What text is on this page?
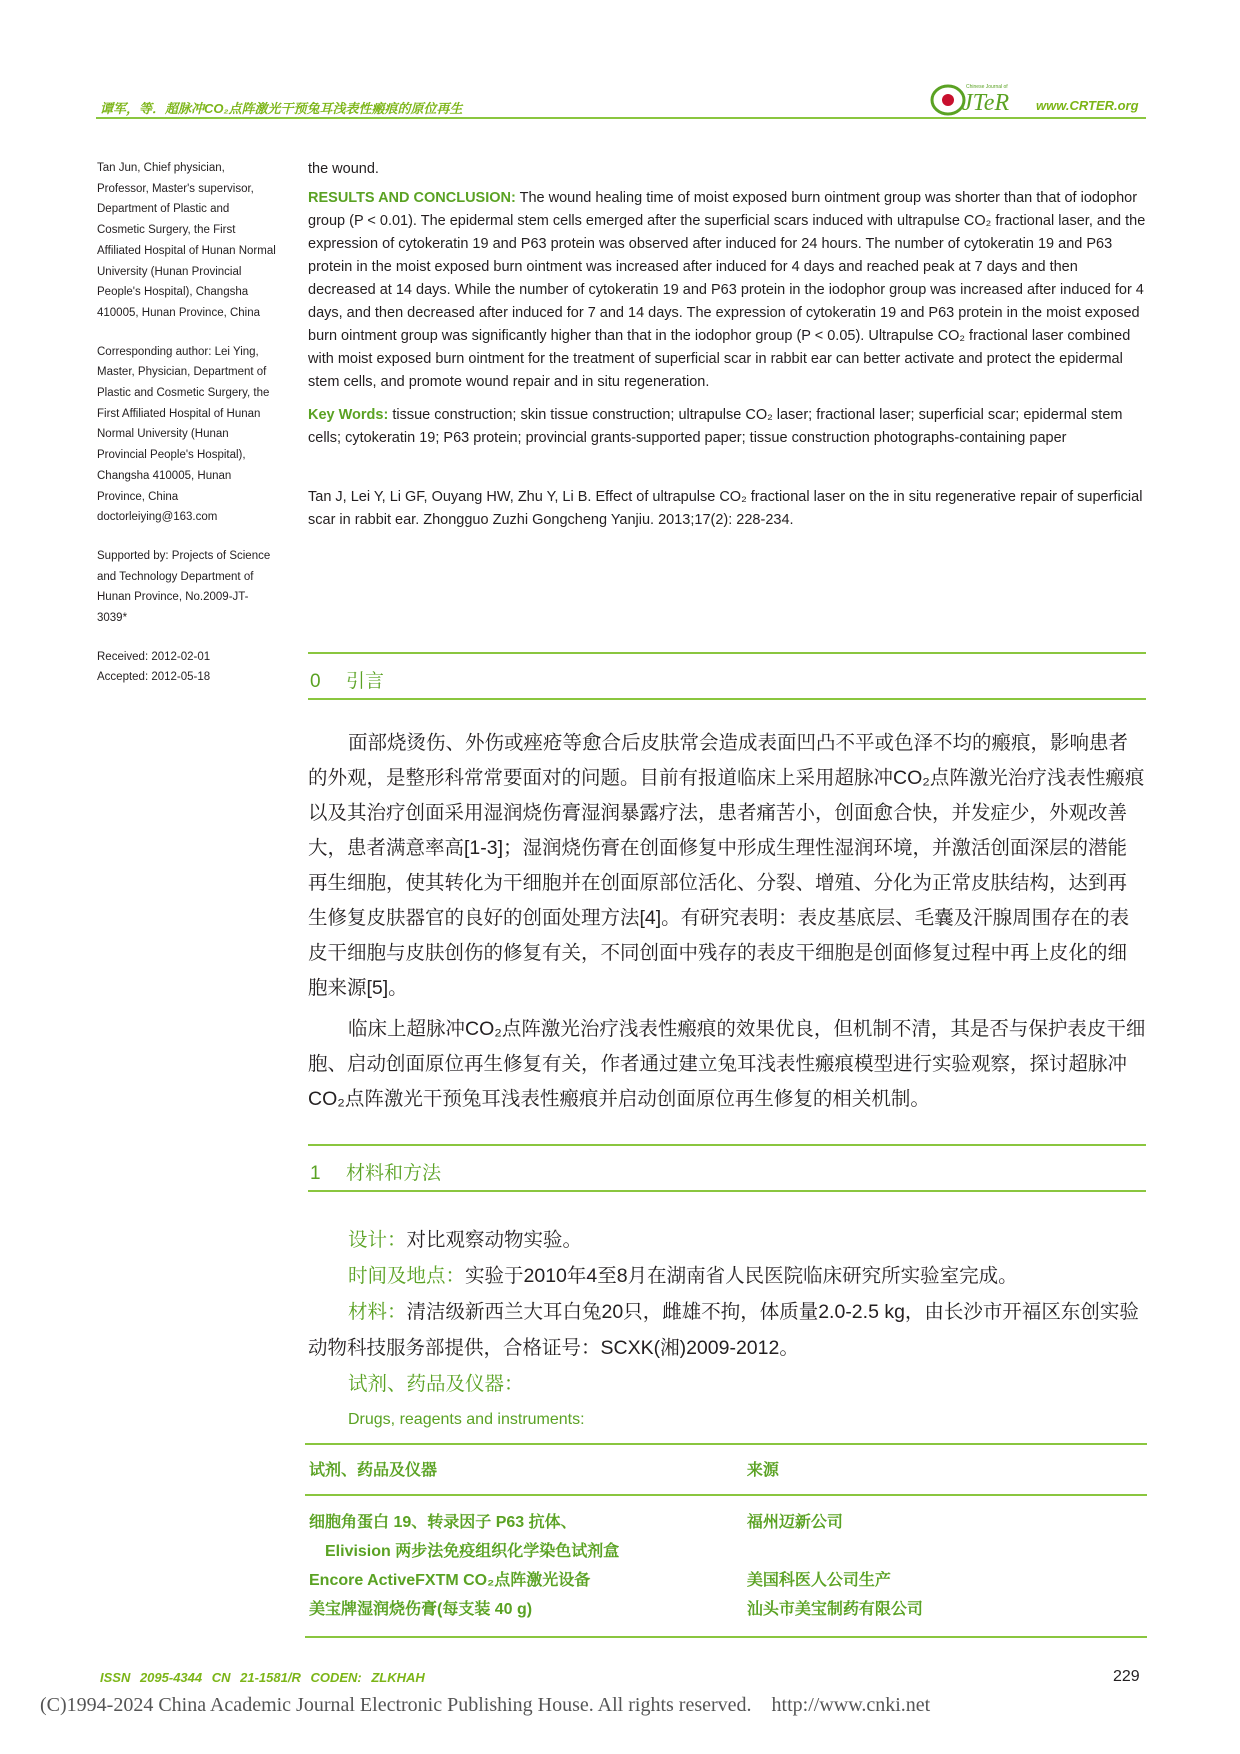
谭军，等．超脉冲CO₂点阵激光干预兔耳浅表性瘢痕的原位再生	JTeR
Chinese Journal of
www.CRTER.org

Tan Jun, Chief physician, Professor, Master's supervisor, Department of Plastic and Cosmetic Surgery, the First Affiliated Hospital of Hunan Normal University (Hunan Provincial People's Hospital), Changsha 410005, Hunan Province, China

Corresponding author: Lei Ying, Master, Physician, Department of Plastic and Cosmetic Surgery, the First Affiliated Hospital of Hunan Normal University (Hunan Provincial People's Hospital), Changsha 410005, Hunan Province, China doctorleiying@163.com

Supported by: Projects of Science and Technology Department of Hunan Province, No.2009-JT-3039*

Received: 2012-02-01

Accepted: 2012-05-18

the wound.

RESULTS AND CONCLUSION: The wound healing time of moist exposed burn ointment group was shorter than that of iodophor group (P < 0.01). The epidermal stem cells emerged after the superficial scars induced with ultrapulse CO₂ fractional laser, and the expression of cytokeratin 19 and P63 protein was observed after induced for 24 hours. The number of cytokeratin 19 and P63 protein in the moist exposed burn ointment was increased after induced for 4 days and reached peak at 7 days and then decreased at 14 days. While the number of cytokeratin 19 and P63 protein in the iodophor group was increased after induced for 4 days, and then decreased after induced for 7 and 14 days. The expression of cytokeratin 19 and P63 protein in the moist exposed burn ointment group was significantly higher than that in the iodophor group (P < 0.05). Ultrapulse CO₂ fractional laser combined with moist exposed burn ointment for the treatment of superficial scar in rabbit ear can better activate and protect the epidermal stem cells, and promote wound repair and in situ regeneration.

Key Words: tissue construction; skin tissue construction; ultrapulse CO₂ laser; fractional laser; superficial scar; epidermal stem cells; cytokeratin 19; P63 protein; provincial grants-supported paper; tissue construction photographs-containing paper

Tan J, Lei Y, Li GF, Ouyang HW, Zhu Y, Li B. Effect of ultrapulse CO₂ fractional laser on the in situ regenerative repair of superficial scar in rabbit ear. Zhongguo Zuzhi Gongcheng Yanjiu. 2013;17(2): 228-234.

0 引言

面部烧烫伤、外伤或痤疮等愈合后皮肤常会造成表面凹凸不平或色泽不均的瘢痕，影响患者的外观，是整形科常常要面对的问题。目前有报道临床上采用超脉冲CO₂点阵激光治疗浅表性瘢痕以及其治疗创面采用湿润烧伤膏湿润暴露疗法，患者痛苦小，创面愈合快，并发症少，外观改善大，患者满意率高[1-3]；湿润烧伤膏在创面修复中形成生理性湿润环境，并激活创面深层的潜能再生细胞，使其转化为干细胞并在创面原部位活化、分裂、增殖、分化为正常皮肤结构，达到再生修复皮肤器官的良好的创面处理方法[4]。有研究表明：表皮基底层、毛囊及汗腺周围存在的表皮干细胞与皮肤创伤的修复有关，不同创面中残存的表皮干细胞是创面修复过程中再上皮化的细胞来源[5]。

临床上超脉冲CO₂点阵激光治疗浅表性瘢痕的效果优良，但机制不清，其是否与保护表皮干细胞、启动创面原位再生修复有关，作者通过建立兔耳浅表性瘢痕模型进行实验观察，探讨超脉冲CO₂点阵激光干预兔耳浅表性瘢痕并启动创面原位再生修复的相关机制。

1 材料和方法

设计：对比观察动物实验。

时间及地点：实验于2010年4至8月在湖南省人民医院临床研究所实验室完成。

材料：清洁级新西兰大耳白兔20只，雌雄不拘，体质量2.0-2.5 kg，由长沙市开福区东创实验动物科技服务部提供，合格证号：SCXK(湘)2009-2012。

试剂、药品及仪器：

Drugs, reagents and instruments:

试剂、药品及仪器	来源
细胞角蛋白 19、转录因子 P63 抗体、	福州迈新公司
Elivision 两步法免疫组织化学染色试剂盒	
Encore ActiveFXTM CO₂点阵激光设备	美国科医人公司生产
美宝牌湿润烧伤膏(每支装 40 g)	汕头市美宝制药有限公司
ISSN 2095-4344 CN 21-1581/R CODEN: ZLKHAH	229
(C)1994-2024 China Academic Journal Electronic Publishing House. All rights reserved.    http://www.cnki.net
